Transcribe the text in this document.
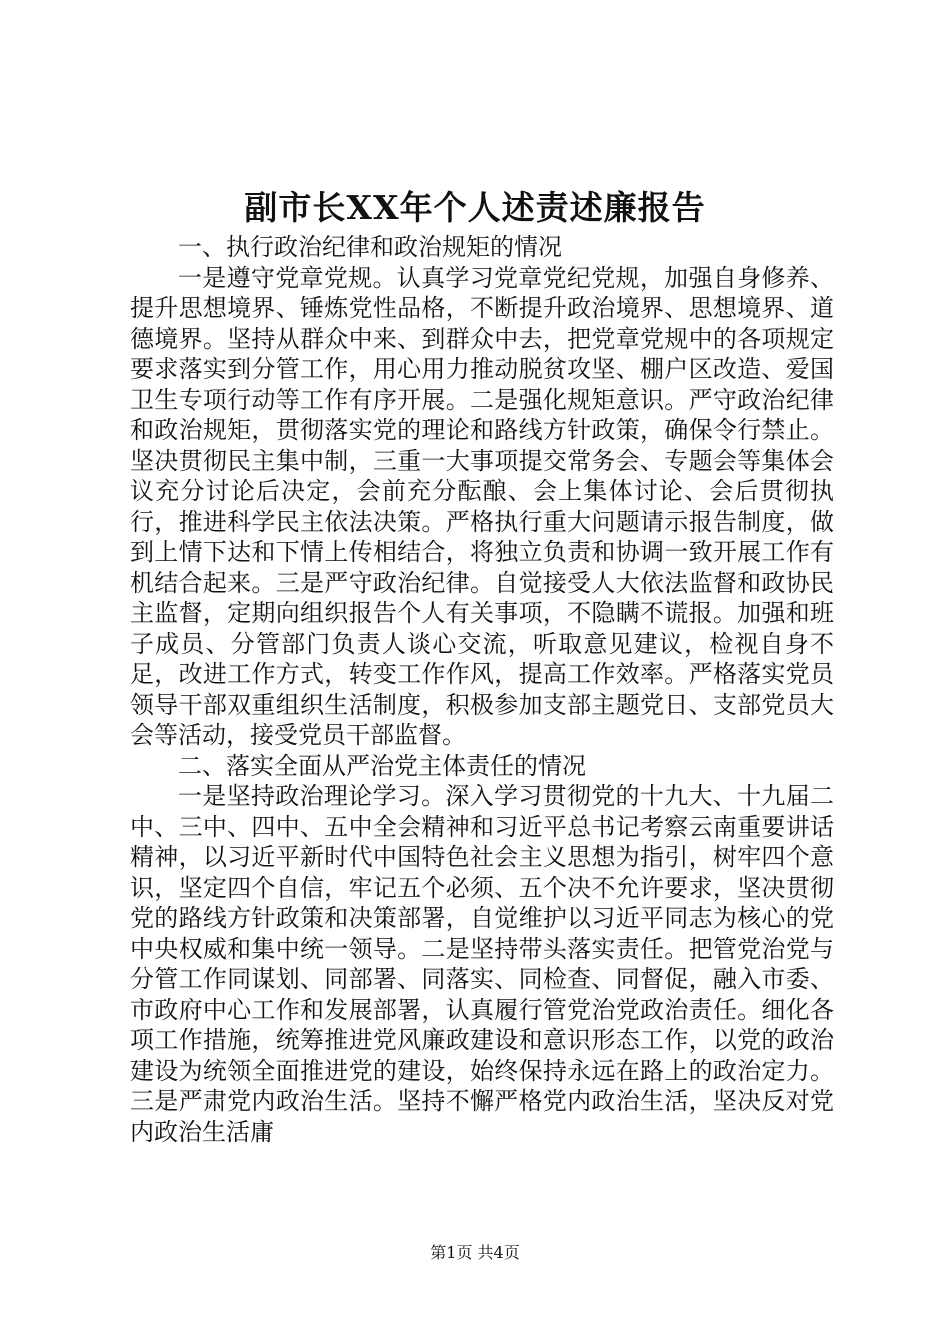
副市长XX年个人述责述廉报告

一、执行政治纪律和政治规矩的情况

一是遵守党章党规。认真学习党章党纪党规，加强自身修养、提升思想境界、锤炼党性品格，不断提升政治境界、思想境界、道德境界。坚持从群众中来、到群众中去，把党章党规中的各项规定要求落实到分管工作，用心用力推动脱贫攻坚、棚户区改造、爱国卫生专项行动等工作有序开展。二是强化规矩意识。严守政治纪律和政治规矩，贯彻落实党的理论和路线方针政策，确保令行禁止。坚决贯彻民主集中制，三重一大事项提交常务会、专题会等集体会议充分讨论后决定，会前充分酝酿、会上集体讨论、会后贯彻执行，推进科学民主依法决策。严格执行重大问题请示报告制度，做到上情下达和下情上传相结合，将独立负责和协调一致开展工作有机结合起来。三是严守政治纪律。自觉接受人大依法监督和政协民主监督，定期向组织报告个人有关事项，不隐瞒不谎报。加强和班子成员、分管部门负责人谈心交流，听取意见建议，检视自身不足，改进工作方式，转变工作作风，提高工作效率。严格落实党员领导干部双重组织生活制度，积极参加支部主题党日、支部党员大会等活动，接受党员干部监督。

二、落实全面从严治党主体责任的情况

一是坚持政治理论学习。深入学习贯彻党的十九大、十九届二中、三中、四中、五中全会精神和习近平总书记考察云南重要讲话精神，以习近平新时代中国特色社会主义思想为指引，树牢四个意识，坚定四个自信，牢记五个必须、五个决不允许要求，坚决贯彻党的路线方针政策和决策部署，自觉维护以习近平同志为核心的党中央权威和集中统一领导。二是坚持带头落实责任。把管党治党与分管工作同谋划、同部署、同落实、同检查、同督促，融入市委、市政府中心工作和发展部署，认真履行管党治党政治责任。细化各项工作措施，统筹推进党风廉政建设和意识形态工作，以党的政治建设为统领全面推进党的建设，始终保持永远在路上的政治定力。三是严肃党内政治生活。坚持不懈严格党内政治生活，坚决反对党内政治生活庸

第1页 共4页
